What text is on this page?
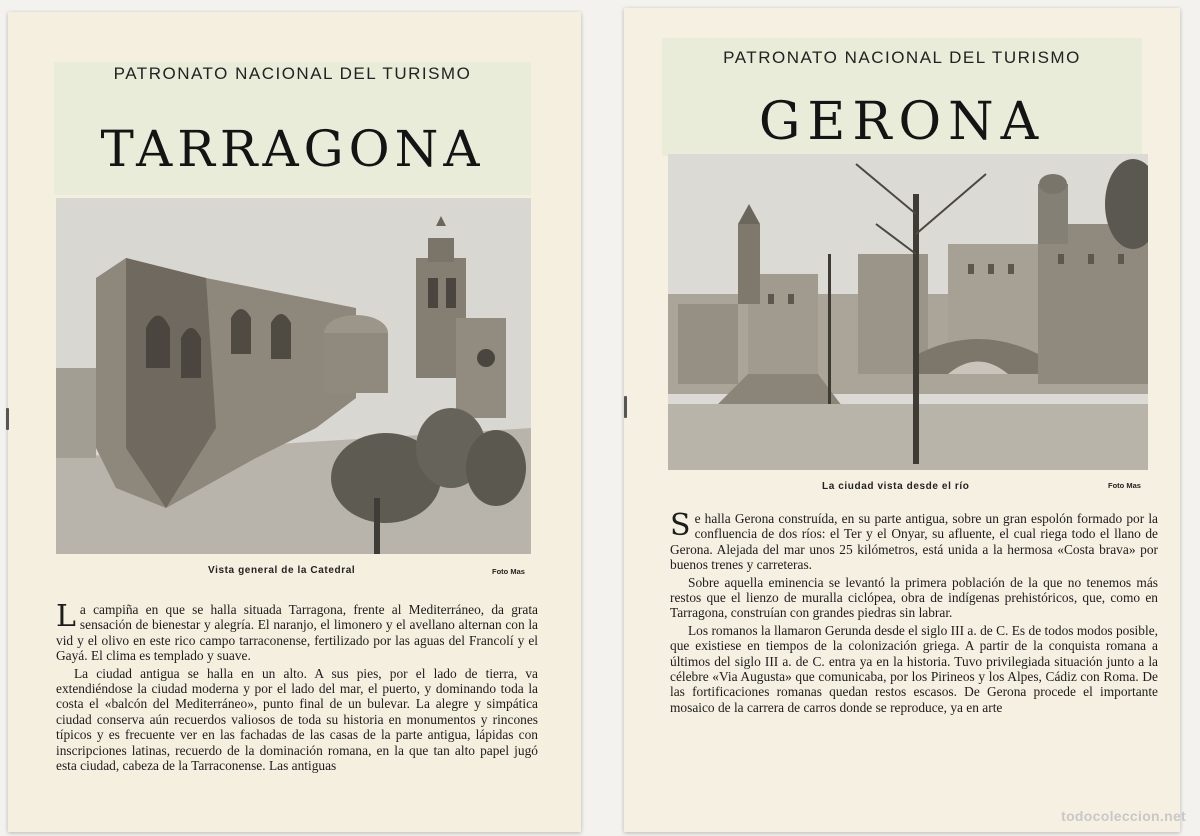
PATRONATO NACIONAL DEL TURISMO
TARRAGONA
Vista general de la Catedral	Foto Mas

La campiña en que se halla situada Tarragona, frente al Mediterráneo, da grata sensación de bienestar y alegría. El naranjo, el limonero y el avellano alternan con la vid y el olivo en este rico campo tarraconense, fertilizado por las aguas del Francolí y el Gayá. El clima es templado y suave.

La ciudad antigua se halla en un alto. A sus pies, por el lado de tierra, va extendiéndose la ciudad moderna y por el lado del mar, el puerto, y dominando toda la costa el «balcón del Mediterráneo», punto final de un bulevar. La alegre y simpática ciudad conserva aún recuerdos valiosos de toda su historia en monumentos y rincones típicos y es frecuente ver en las fachadas de las casas de la parte antigua, lápidas con inscripciones latinas, recuerdo de la dominación romana, en la que tan alto papel jugó esta ciudad, cabeza de la Tarraconense. Las antiguas

PATRONATO NACIONAL DEL TURISMO
GERONA
La ciudad vista desde el río	Foto Mas

Se halla Gerona construída, en su parte antigua, sobre un gran espolón formado por la confluencia de dos ríos: el Ter y el Onyar, su afluente, el cual riega todo el llano de Gerona. Alejada del mar unos 25 kilómetros, está unida a la hermosa «Costa brava» por buenos trenes y carreteras.

Sobre aquella eminencia se levantó la primera población de la que no tenemos más restos que el lienzo de muralla ciclópea, obra de indígenas prehistóricos, que, como en Tarragona, construían con grandes piedras sin labrar.

Los romanos la llamaron Gerunda desde el siglo III a. de C. Es de todos modos posible, que existiese en tiempos de la colonización griega. A partir de la conquista romana a últimos del siglo III a. de C. entra ya en la historia. Tuvo privilegiada situación junto a la célebre «Via Augusta» que comunicaba, por los Pirineos y los Alpes, Cádiz con Roma. De las fortificaciones romanas quedan restos escasos. De Gerona procede el importante mosaico de la carrera de carros donde se reproduce, ya en arte

todocoleccion.net
